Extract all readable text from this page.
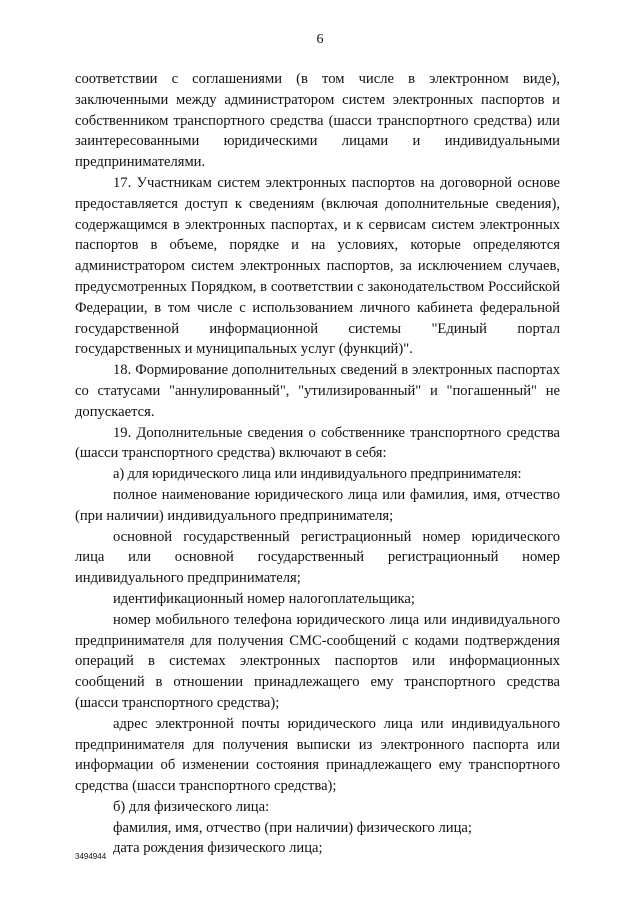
6

соответствии с соглашениями (в том числе в электронном виде), заключенными между администратором систем электронных паспортов и собственником транспортного средства (шасси транспортного средства) или заинтересованными юридическими лицами и индивидуальными предпринимателями.

17. Участникам систем электронных паспортов на договорной основе предоставляется доступ к сведениям (включая дополнительные сведения), содержащимся в электронных паспортах, и к сервисам систем электронных паспортов в объеме, порядке и на условиях, которые определяются администратором систем электронных паспортов, за исключением случаев, предусмотренных Порядком, в соответствии с законодательством Российской Федерации, в том числе с использованием личного кабинета федеральной государственной информационной системы "Единый портал государственных и муниципальных услуг (функций)".

18. Формирование дополнительных сведений в электронных паспортах со статусами "аннулированный", "утилизированный" и "погашенный" не допускается.

19. Дополнительные сведения о собственнике транспортного средства (шасси транспортного средства) включают в себя:

а) для юридического лица или индивидуального предпринимателя:

полное наименование юридического лица или фамилия, имя, отчество (при наличии) индивидуального предпринимателя;

основной государственный регистрационный номер юридического лица или основной государственный регистрационный номер индивидуального предпринимателя;

идентификационный номер налогоплательщика;

номер мобильного телефона юридического лица или индивидуального предпринимателя для получения СМС-сообщений с кодами подтверждения операций в системах электронных паспортов или информационных сообщений в отношении принадлежащего ему транспортного средства (шасси транспортного средства);

адрес электронной почты юридического лица или индивидуального предпринимателя для получения выписки из электронного паспорта или информации об изменении состояния принадлежащего ему транспортного средства (шасси транспортного средства);

б) для физического лица:

фамилия, имя, отчество (при наличии) физического лица;

дата рождения физического лица;

3494944
